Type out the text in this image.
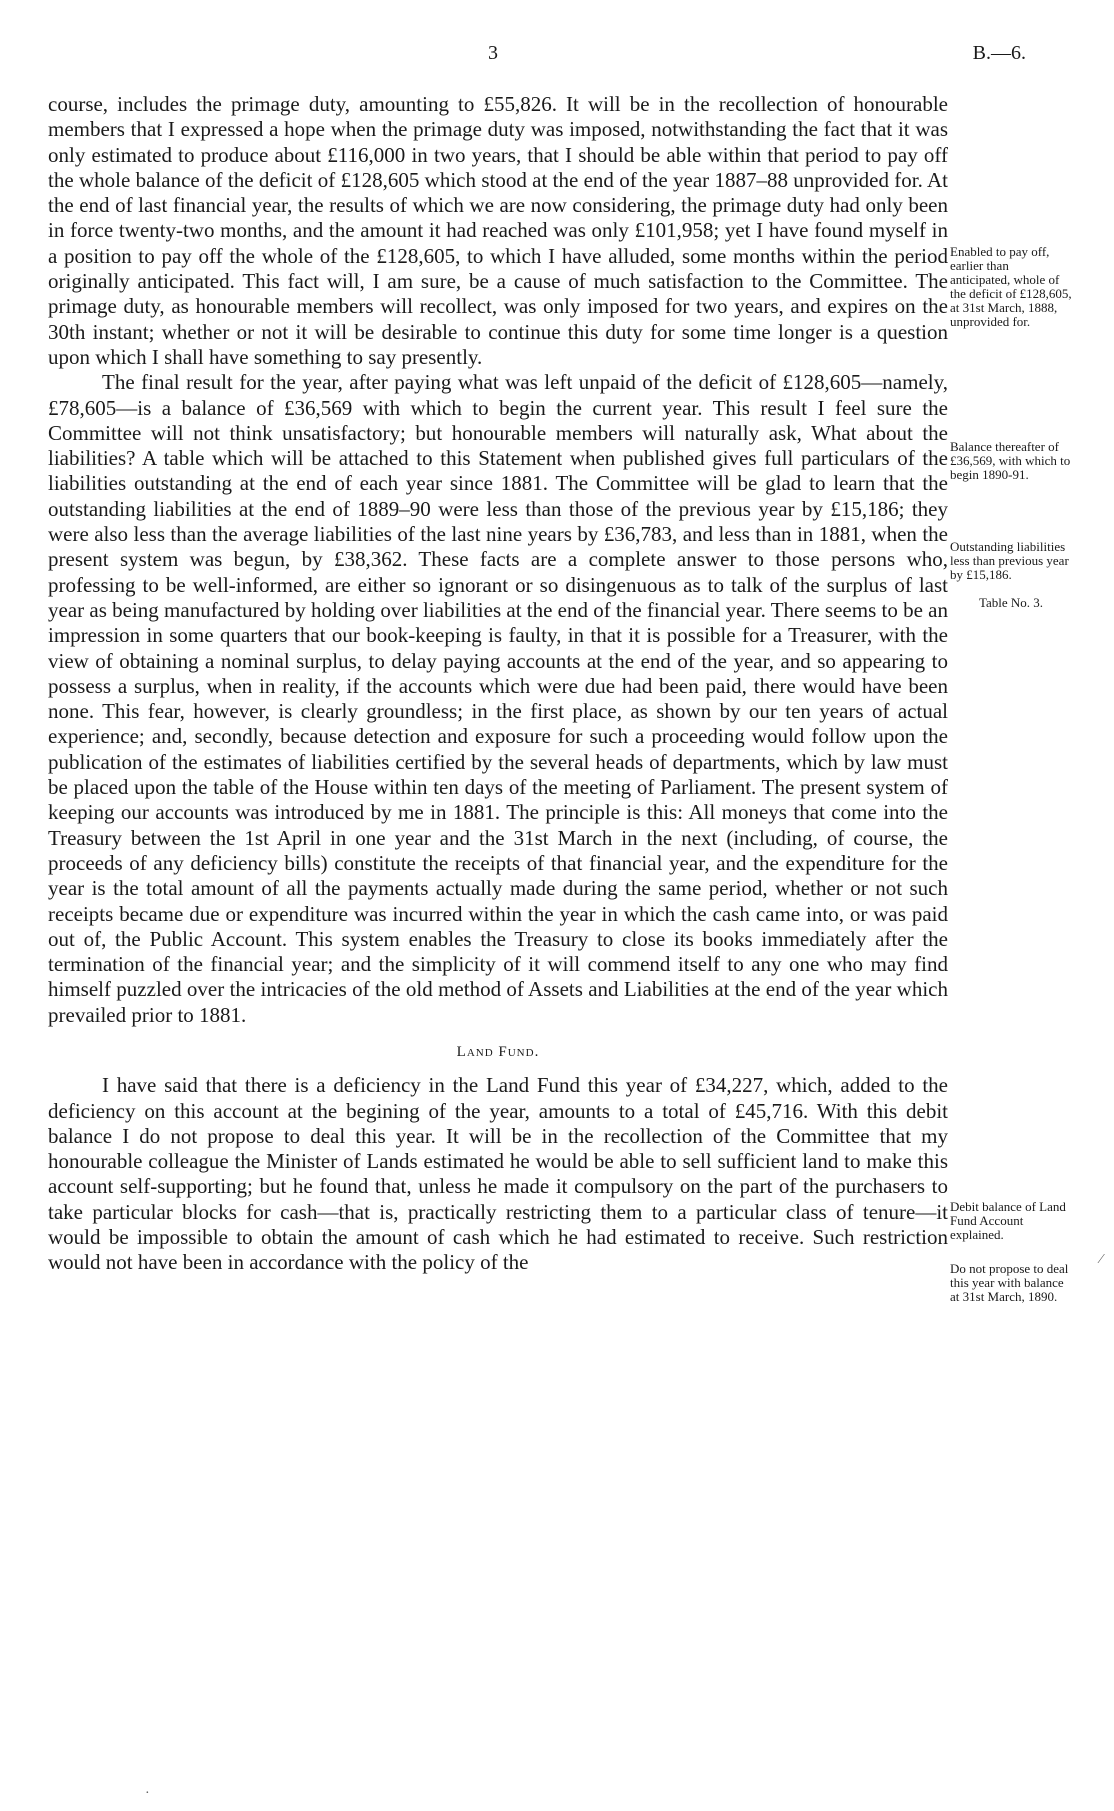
3	B.—6.

course, includes the primage duty, amounting to £55,826. It will be in the recollection of honourable members that I expressed a hope when the primage duty was imposed, notwithstanding the fact that it was only estimated to produce about £116,000 in two years, that I should be able within that period to pay off the whole balance of the deficit of £128,605 which stood at the end of the year 1887–88 unprovided for. At the end of last financial year, the results of which we are now considering, the primage duty had only been in force twenty-two months, and the amount it had reached was only £101,958; yet I have found myself in a position to pay off the whole of the £128,605, to which I have alluded, some months within the period originally anticipated. This fact will, I am sure, be a cause of much satisfaction to the Committee. The primage duty, as honourable members will recollect, was only imposed for two years, and expires on the 30th instant; whether or not it will be desirable to continue this duty for some time longer is a question upon which I shall have something to say presently.

The final result for the year, after paying what was left unpaid of the deficit of £128,605—namely, £78,605—is a balance of £36,569 with which to begin the current year. This result I feel sure the Committee will not think unsatisfactory; but honourable members will naturally ask, What about the liabilities? A table which will be attached to this Statement when published gives full particulars of the liabilities outstanding at the end of each year since 1881. The Committee will be glad to learn that the outstanding liabilities at the end of 1889–90 were less than those of the previous year by £15,186; they were also less than the average liabilities of the last nine years by £36,783, and less than in 1881, when the present system was begun, by £38,362. These facts are a complete answer to those persons who, professing to be well-informed, are either so ignorant or so disingenuous as to talk of the surplus of last year as being manufactured by holding over liabilities at the end of the financial year. There seems to be an impression in some quarters that our book-keeping is faulty, in that it is possible for a Treasurer, with the view of obtaining a nominal surplus, to delay paying accounts at the end of the year, and so appearing to possess a surplus, when in reality, if the accounts which were due had been paid, there would have been none. This fear, however, is clearly groundless; in the first place, as shown by our ten years of actual experience; and, secondly, because detection and exposure for such a proceeding would follow upon the publication of the estimates of liabilities certified by the several heads of departments, which by law must be placed upon the table of the House within ten days of the meeting of Parliament. The present system of keeping our accounts was introduced by me in 1881. The principle is this: All moneys that come into the Treasury between the 1st April in one year and the 31st March in the next (including, of course, the proceeds of any deficiency bills) constitute the receipts of that financial year, and the expenditure for the year is the total amount of all the payments actually made during the same period, whether or not such receipts became due or expenditure was incurred within the year in which the cash came into, or was paid out of, the Public Account. This system enables the Treasury to close its books immediately after the termination of the financial year; and the simplicity of it will commend itself to any one who may find himself puzzled over the intricacies of the old method of Assets and Liabilities at the end of the year which prevailed prior to 1881.

Land Fund.

I have said that there is a deficiency in the Land Fund this year of £34,227, which, added to the deficiency on this account at the begining of the year, amounts to a total of £45,716. With this debit balance I do not propose to deal this year. It will be in the recollection of the Committee that my honourable colleague the Minister of Lands estimated he would be able to sell sufficient land to make this account self-supporting; but he found that, unless he made it compulsory on the part of the purchasers to take particular blocks for cash—that is, practically restricting them to a particular class of tenure—it would be impossible to obtain the amount of cash which he had estimated to receive. Such restriction would not have been in accordance with the policy of the

Enabled to pay off, earlier than anticipated, whole of the deficit of £128,605, at 31st March, 1888, unprovided for.
Balance thereafter of £36,569, with which to begin 1890-91.
Outstanding liabilities less than previous year by £15,186.
Table No. 3.
Debit balance of Land Fund Account explained.
Do not propose to deal this year with balance at 31st March, 1890.
⁄
·
